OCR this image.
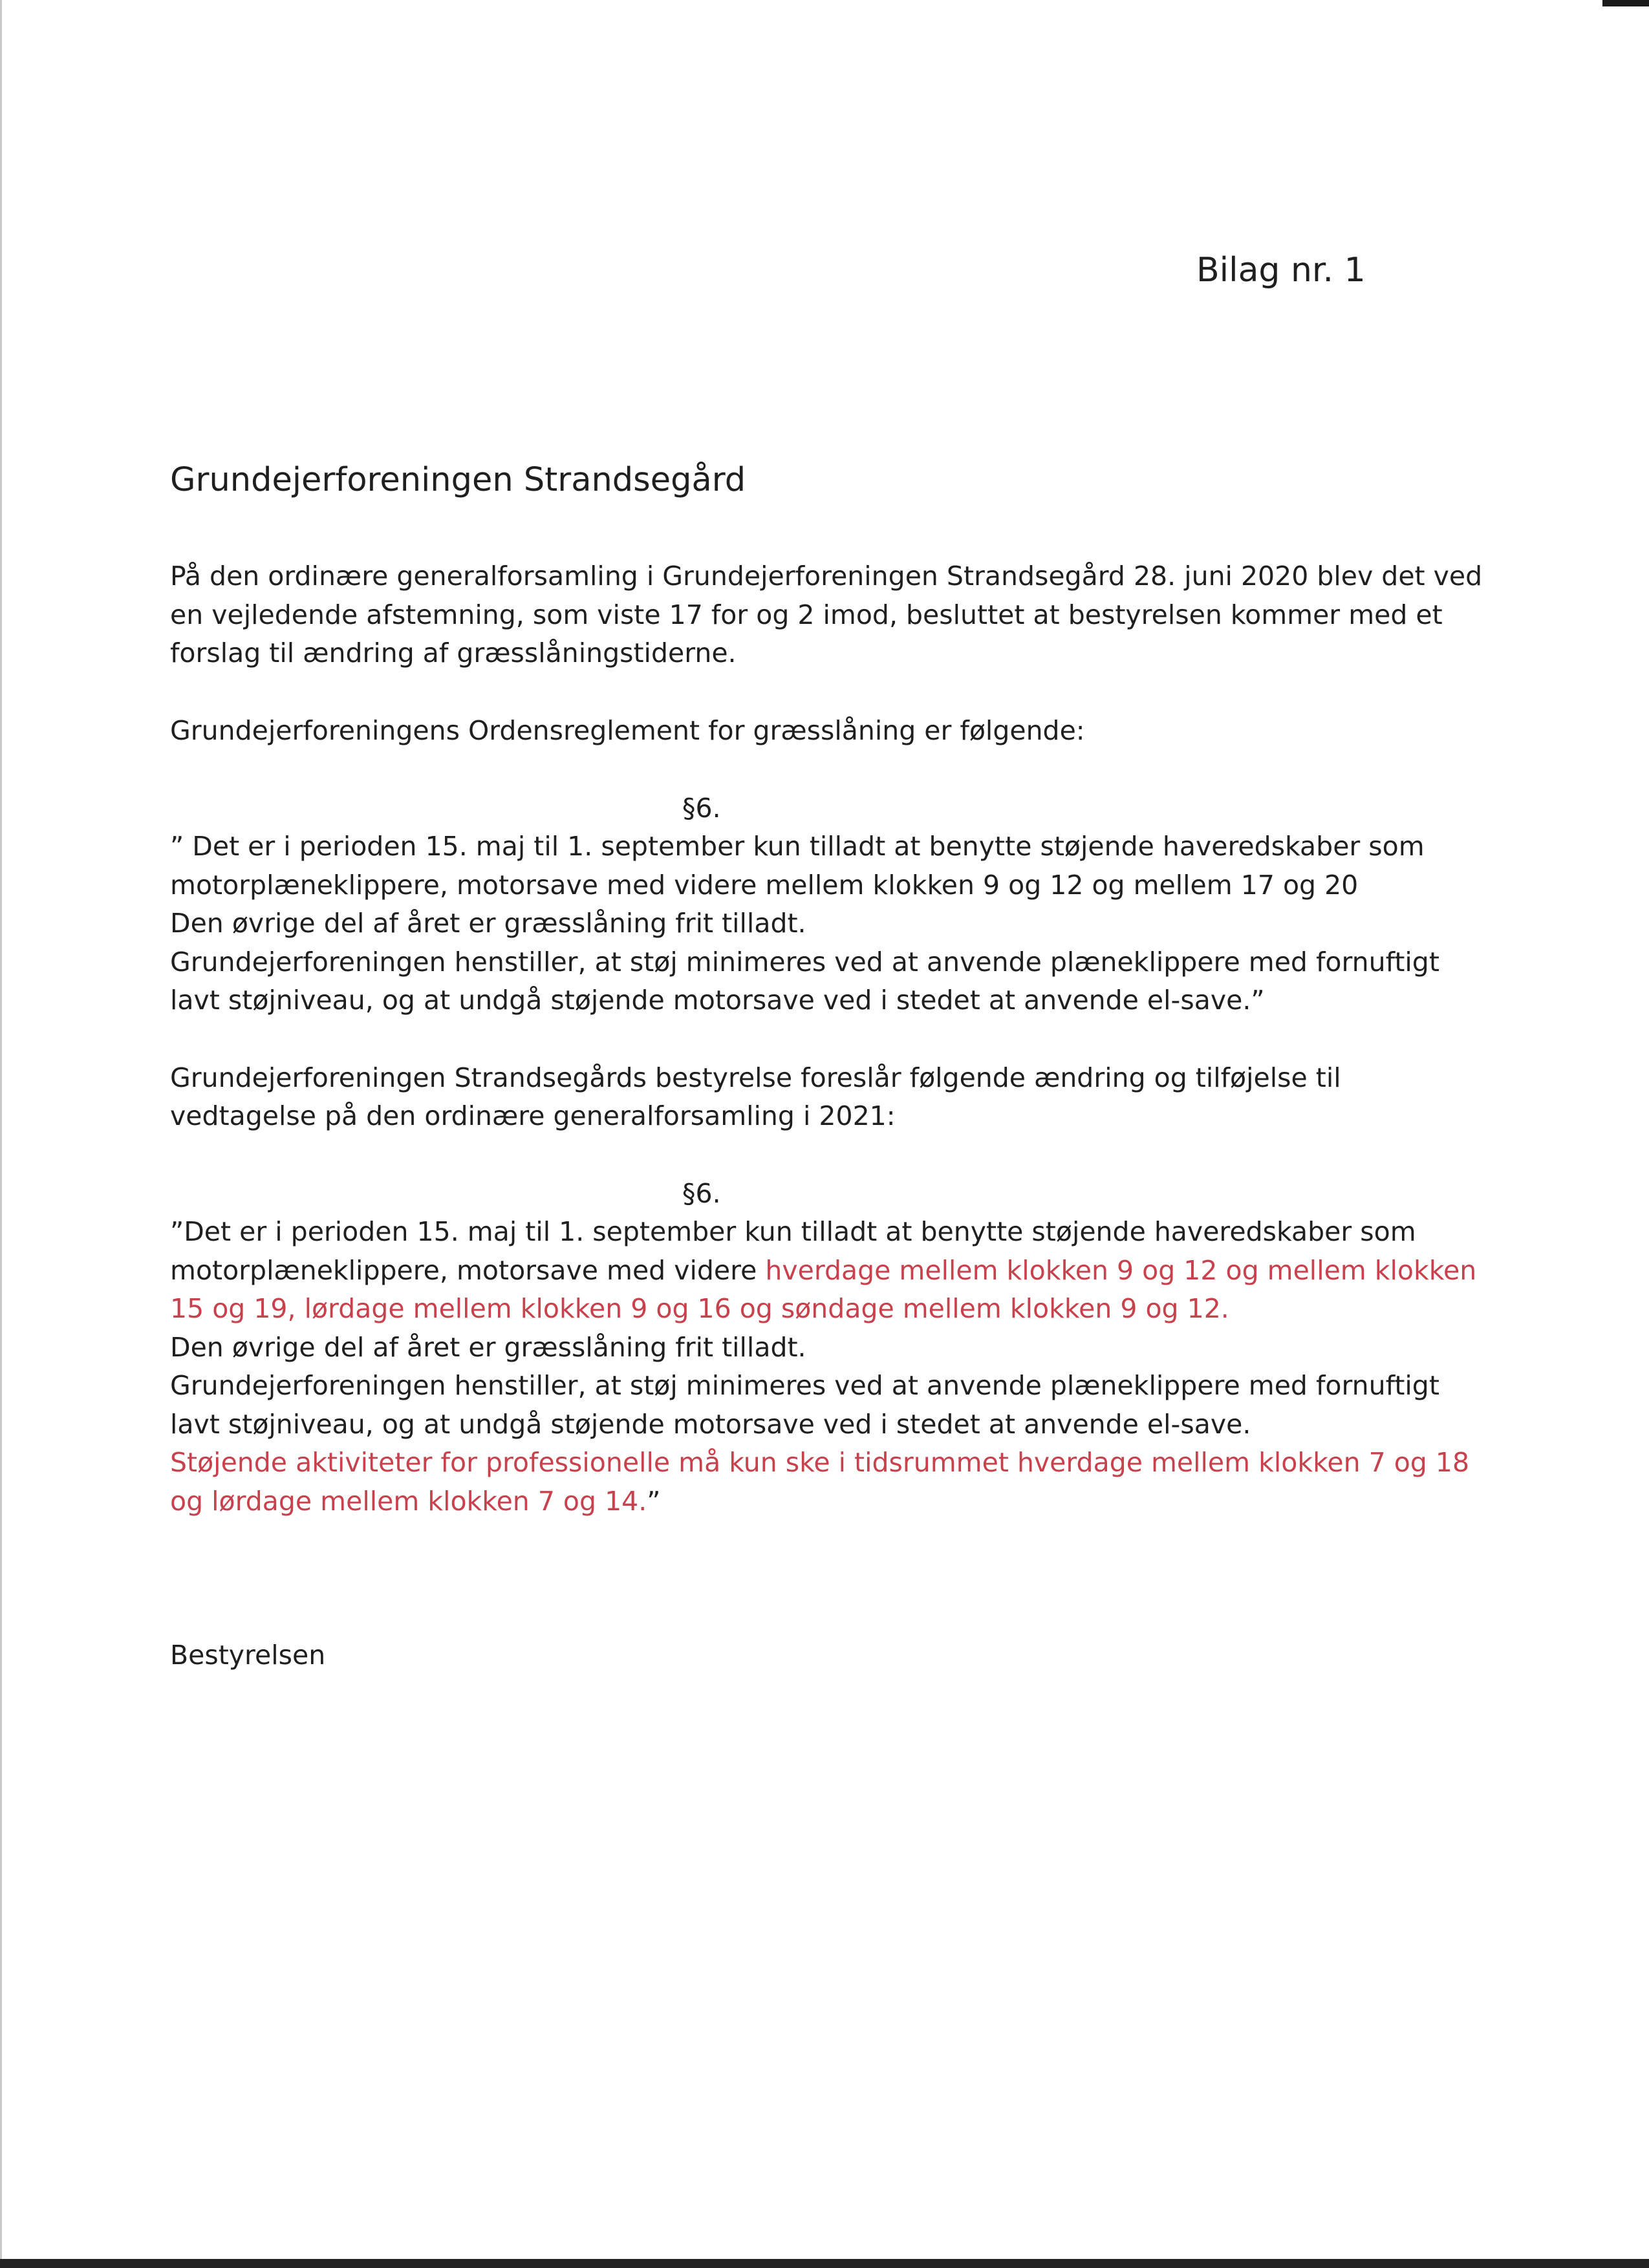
Bilag nr. 1
Grundejerforeningen Strandsegård
På den ordinære generalforsamling i Grundejerforeningen Strandsegård 28. juni 2020 blev det ved
en vejledende afstemning, som viste 17 for og 2 imod, besluttet at bestyrelsen kommer med et
forslag til ændring af græsslåningstiderne.
Grundejerforeningens Ordensreglement for græsslåning er følgende:
§6.
” Det er i perioden 15. maj til 1. september kun tilladt at benytte støjende haveredskaber som
motorplæneklippere, motorsave med videre mellem klokken 9 og 12 og mellem 17 og 20
Den øvrige del af året er græsslåning frit tilladt.
Grundejerforeningen henstiller, at støj minimeres ved at anvende plæneklippere med fornuftigt
lavt støjniveau, og at undgå støjende motorsave ved i stedet at anvende el-save.”
Grundejerforeningen Strandsegårds bestyrelse foreslår følgende ændring og tilføjelse til
vedtagelse på den ordinære generalforsamling i 2021:
§6.
”Det er i perioden 15. maj til 1. september kun tilladt at benytte støjende haveredskaber som
motorplæneklippere, motorsave med videre hverdage mellem klokken 9 og 12 og mellem klokken
15 og 19, lørdage mellem klokken 9 og 16 og søndage mellem klokken 9 og 12.
Den øvrige del af året er græsslåning frit tilladt.
Grundejerforeningen henstiller, at støj minimeres ved at anvende plæneklippere med fornuftigt
lavt støjniveau, og at undgå støjende motorsave ved i stedet at anvende el-save.
Støjende aktiviteter for professionelle må kun ske i tidsrummet hverdage mellem klokken 7 og 18
og lørdage mellem klokken 7 og 14.”
Bestyrelsen
